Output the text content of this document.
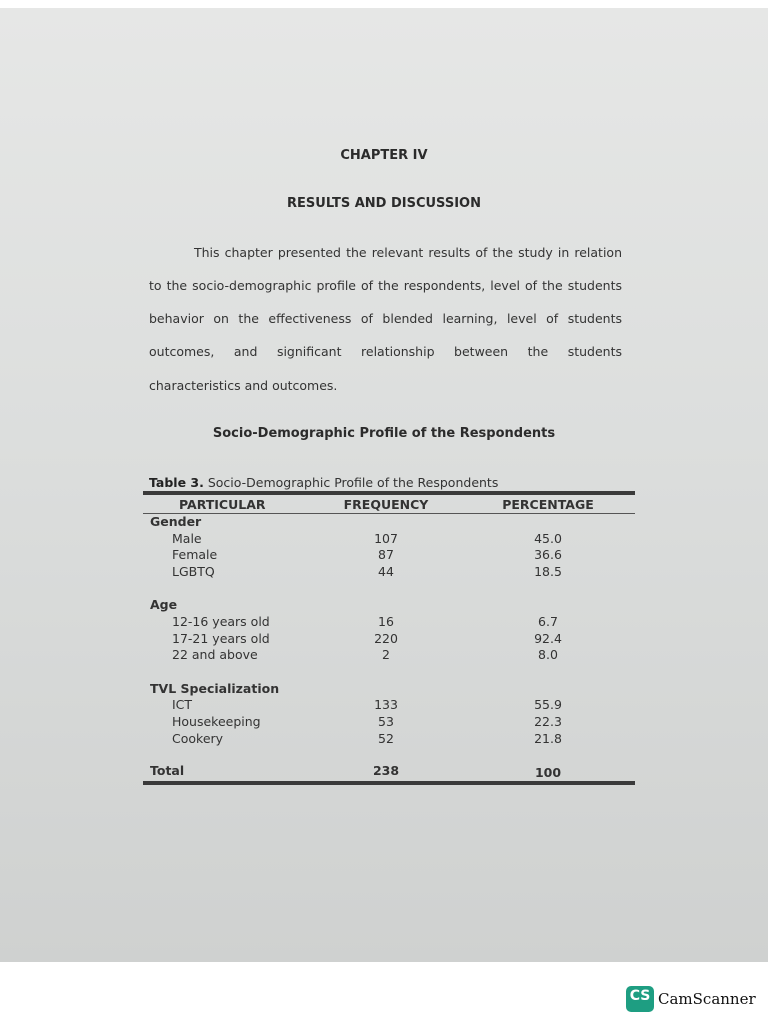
CHAPTER IV
RESULTS AND DISCUSSION
This chapter presented the relevant results of the study in relation
to the socio-demographic profile of the respondents, level of the students
behavior on the effectiveness of blended learning, level of students
outcomes, and significant relationship between the students
characteristics and outcomes.
Socio-Demographic Profile of the Respondents
Table 3. Socio-Demographic Profile of the Respondents
PARTICULAR	FREQUENCY	PERCENTAGE
Gender
Male	107	45.0
Female	87	36.6
LGBTQ	44	18.5
Age
12-16 years old	16	6.7
17-21 years old	220	92.4
22 and above	2	8.0
TVL Specialization
ICT	133	55.9
Housekeeping	53	22.3
Cookery	52	21.8
Total	238	100
CS CamScanner
